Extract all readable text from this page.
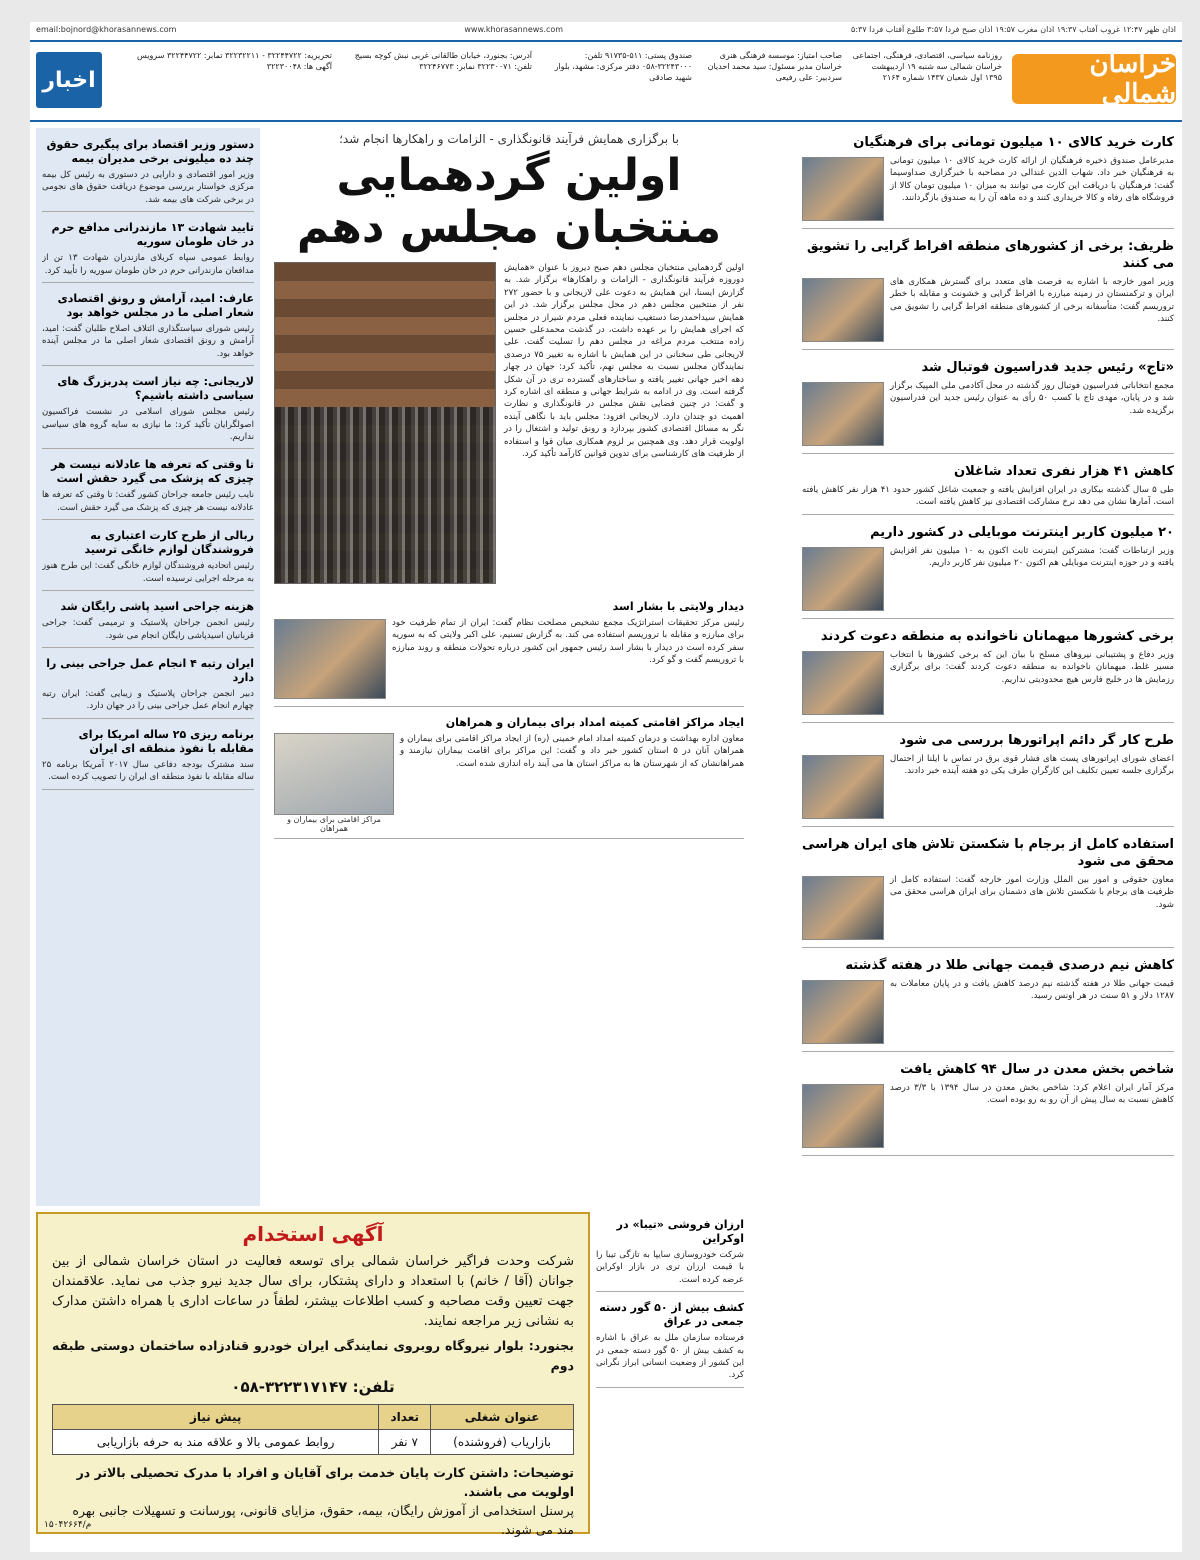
اذان ظهر ۱۲:۴۷ غروب آفتاب ۱۹:۳۷ اذان مغرب ۱۹:۵۷ اذان صبح فردا ۳:۵۷ طلوع آفتاب فردا ۵:۳۷
www.khorasannews.com
email:bojnord@khorasannews.com
خراسان شمالی
روزنامه سیاسی، اقتصادی، فرهنگی، اجتماعی خراسان شمالی سه شنبه ۱۹ اردیبهشت ۱۳۹۵ اول شعبان ۱۴۳۷ شماره ۲۱۶۴
صاحب امتیاز: موسسه فرهنگی هنری خراسان مدیر مسئول: سید محمد احدیان سردبیر: علی رفیعی
صندوق پستی: ۵۱۱-۹۱۷۳۵ تلفن: ۳۲۲۴۳۰۰۰-۰۵۸ دفتر مرکزی: مشهد، بلوار شهید صادقی
آدرس: بجنورد، خیابان طالقانی غربی نبش کوچه بسیج تلفن: ۳۲۲۳۰۰۷۱ نمابر: ۳۲۲۴۶۷۷۳
تحریریه: ۳۲۲۴۴۷۲۲ - ۳۲۲۳۲۲۱۱ تمابر: ۳۲۲۴۴۷۲۲ سرویس آگهی ها: ۳۲۲۳۰۰۴۸
اخبار
کارت خرید کالای ۱۰ میلیون تومانی برای فرهنگیان

مدیرعامل صندوق ذخیره فرهنگیان از ارائه کارت خرید کالای ۱۰ میلیون تومانی به فرهنگیان خبر داد. شهاب الدین غندالی در مصاحبه با خبرگزاری صداوسیما گفت: فرهنگیان با دریافت این کارت می توانند به میزان ۱۰ میلیون تومان کالا از فروشگاه های رفاه و کالا خریداری کنند و ده ماهه آن را به صندوق بازگردانند.

ظریف: برخی از کشورهای منطقه افراط گرایی را تشویق می کنند

وزیر امور خارجه با اشاره به فرصت های متعدد برای گسترش همکاری های ایران و ترکمنستان در زمینه مبارزه با افراط گرایی و خشونت و مقابله با خطر تروریسم گفت: متأسفانه برخی از کشورهای منطقه افراط گرایی را تشویق می کنند.

«تاج» رئیس جدید فدراسیون فوتبال شد

مجمع انتخاباتی فدراسیون فوتبال روز گذشته در محل آکادمی ملی المپیک برگزار شد و در پایان، مهدی تاج با کسب ۵۰ رأی به عنوان رئیس جدید این فدراسیون برگزیده شد.

کاهش ۴۱ هزار نفری تعداد شاغلان

طی ۵ سال گذشته بیکاری در ایران افزایش یافته و جمعیت شاغل کشور حدود ۴۱ هزار نفر کاهش یافته است. آمارها نشان می دهد نرخ مشارکت اقتصادی نیز کاهش یافته است.

۲۰ میلیون کاربر اینترنت موبایلی در کشور داریم

وزیر ارتباطات گفت: مشترکین اینترنت ثابت اکنون به ۱۰ میلیون نفر افزایش یافته و در حوزه اینترنت موبایلی هم اکنون ۲۰ میلیون نفر کاربر داریم.

برخی کشورها میهمانان ناخوانده به منطقه دعوت کردند

وزیر دفاع و پشتیبانی نیروهای مسلح با بیان این که برخی کشورها با انتخاب مسیر غلط، میهمانان ناخوانده به منطقه دعوت کردند گفت: برای برگزاری رزمایش ها در خلیج فارس هیچ محدودیتی نداریم.

طرح کار گر دائم اپراتورها بررسی می شود

اعضای شورای اپراتورهای پست های فشار قوی برق در تماس با ایلنا از احتمال برگزاری جلسه تعیین تکلیف این کارگران طرف یکی دو هفته آینده خبر دادند.

استفاده کامل از برجام با شکستن تلاش های ایران هراسی محقق می شود

معاون حقوقی و امور بین الملل وزارت امور خارجه گفت: استفاده کامل از ظرفیت های برجام با شکستن تلاش های دشمنان برای ایران هراسی محقق می شود.

کاهش نیم درصدی قیمت جهانی طلا در هفته گذشته

قیمت جهانی طلا در هفته گذشته نیم درصد کاهش یافت و در پایان معاملات به ۱۲۸۷ دلار و ۵۱ سنت در هر اونس رسید.

شاخص بخش معدن در سال ۹۴ کاهش یافت

مرکز آمار ایران اعلام کرد: شاخص بخش معدن در سال ۱۳۹۴ با ۳/۳ درصد کاهش نسبت به سال پیش از آن رو به رو بوده است.

با برگزاری همایش فرآیند قانونگذاری - الزامات و راهکارها انجام شد؛
اولین گردهمایی
منتخبان مجلس دهم

اولین گردهمایی منتخبان مجلس دهم صبح دیروز با عنوان «همایش دوروزه فرآیند قانونگذاری - الزامات و راهکارها» برگزار شد. به گزارش ایسنا، این همایش به دعوت علی لاریجانی و با حضور ۲۷۲ نفر از منتخبین مجلس دهم در محل مجلس برگزار شد. در این همایش سیداحمدرضا دستغیب نماینده فعلی مردم شیراز در مجلس که اجرای همایش را بر عهده داشت، در گذشت محمدعلی حسین زاده منتخب مردم مراغه در مجلس دهم را تسلیت گفت. علی لاریجانی طی سخنانی در این همایش با اشاره به تغییر ۷۵ درصدی نمایندگان مجلس نسبت به مجلس نهم، تأکید کرد: جهان در چهار دهه اخیر جهانی تغییر یافته و ساختارهای گسترده تری در آن شکل گرفته است. وی در ادامه به شرایط جهانی و منطقه ای اشاره کرد و گفت: در چنین فضایی نقش مجلس در قانونگذاری و نظارت اهمیت دو چندان دارد. لاریجانی افزود: مجلس باید با نگاهی آینده نگر به مسائل اقتصادی کشور بپردازد و رونق تولید و اشتغال را در اولویت قرار دهد. وی همچنین بر لزوم همکاری میان قوا و استفاده از ظرفیت های کارشناسی برای تدوین قوانین کارآمد تأکید کرد.

دیدار ولایتی با بشار اسد

رئیس مرکز تحقیقات استراتژیک مجمع تشخیص مصلحت نظام گفت: ایران از تمام ظرفیت خود برای مبارزه و مقابله با تروریسم استفاده می کند. به گزارش تسنیم، علی اکبر ولایتی که به سوریه سفر کرده است در دیدار با بشار اسد رئیس جمهور این کشور درباره تحولات منطقه و روند مبارزه با تروریسم گفت و گو کرد.

ایجاد مراکز اقامتی کمیته امداد برای بیماران و همراهان
مراکز اقامتی برای بیماران و همراهان

معاون اداره بهداشت و درمان کمیته امداد امام خمینی (ره) از ایجاد مراکز اقامتی برای بیماران و همراهان آنان در ۵ استان کشور خبر داد و گفت: این مراکز برای اقامت بیماران نیازمند و همراهانشان که از شهرستان ها به مراکز استان ها می آیند راه اندازی شده است.

دستور وزیر اقتصاد برای پیگیری حقوق چند ده میلیونی برخی مدیران بیمه

وزیر امور اقتصادی و دارایی در دستوری به رئیس کل بیمه مرکزی خواستار بررسی موضوع دریافت حقوق های نجومی در برخی شرکت های بیمه شد.

تایید شهادت ۱۳ مازندرانی مدافع حرم در خان طومان سوریه

روابط عمومی سپاه کربلای مازندران شهادت ۱۳ تن از مدافعان مازندرانی حرم در خان طومان سوریه را تأیید کرد.

عارف: امید، آرامش و رونق اقتصادی شعار اصلی ما در مجلس خواهد بود

رئیس شورای سیاستگذاری ائتلاف اصلاح طلبان گفت: امید، آرامش و رونق اقتصادی شعار اصلی ما در مجلس آینده خواهد بود.

لاریجانی: چه نیاز است پدربزرگ های سیاسی داشته باشیم؟

رئیس مجلس شورای اسلامی در نشست فراکسیون اصولگرایان تأکید کرد: ما نیازی به سایه گروه های سیاسی نداریم.

تا وقتی که تعرفه ها عادلانه نیست هر چیزی که پزشک می گیرد حقش است

نایب رئیس جامعه جراحان کشور گفت: تا وقتی که تعرفه ها عادلانه نیست هر چیزی که پزشک می گیرد حقش است.

ربالی از طرح کارت اعتباری به فروشندگان لوازم خانگی ترسید

رئیس اتحادیه فروشندگان لوازم خانگی گفت: این طرح هنوز به مرحله اجرایی نرسیده است.

هزینه جراحی اسید پاشی رایگان شد

رئیس انجمن جراحان پلاستیک و ترمیمی گفت: جراحی قربانیان اسیدپاشی رایگان انجام می شود.

ایران رتبه ۴ انجام عمل جراحی بینی را دارد

دبیر انجمن جراحان پلاستیک و زیبایی گفت: ایران رتبه چهارم انجام عمل جراحی بینی را در جهان دارد.

برنامه ریزی ۲۵ ساله امریکا برای مقابله با نفوذ منطقه ای ایران

سند مشترک بودجه دفاعی سال ۲۰۱۷ آمریکا برنامه ۲۵ ساله مقابله با نفوذ منطقه ای ایران را تصویب کرده است.

ارزان فروشی «تیبا» در اوکراین

شرکت خودروسازی سایپا به تازگی تیبا را با قیمت ارزان تری در بازار اوکراین عرضه کرده است.

کشف بیش از ۵۰ گور دسته جمعی در عراق

فرستاده سازمان ملل به عراق با اشاره به کشف بیش از ۵۰ گور دسته جمعی در این کشور از وضعیت انسانی ابراز نگرانی کرد.

آگهی استخدام

شرکت وحدت فراگیر خراسان شمالی برای توسعه فعالیت در استان خراسان شمالی از بین جوانان (آقا / خانم) با استعداد و دارای پشتکار، برای سال جدید نیرو جذب می نماید. علاقمندان جهت تعیین وقت مصاحبه و کسب اطلاعات بیشتر، لطفاً در ساعات اداری با همراه داشتن مدارک به نشانی زیر مراجعه نمایند.

بجنورد: بلوار نیروگاه روبروی نمایندگی ایران خودرو قنادزاده ساختمان دوستی طبقه دوم

تلفن: ۳۲۲۳۱۷۱۴۷-۰۵۸
عنوان شغلی	تعداد	پیش نیاز
بازاریاب (فروشنده)	۷ نفر	روابط عمومی بالا و علاقه مند به حرفه بازاریابی
توضیحات: داشتن کارت پایان خدمت برای آقایان و افراد با مدرک تحصیلی بالاتر در اولویت می باشند.
پرسنل استخدامی از آموزش رایگان، بیمه، حقوق، مزایای قانونی، پورسانت و تسهیلات جانبی بهره مند می شوند.
۱۵۰۴۲۶۶۴/م
